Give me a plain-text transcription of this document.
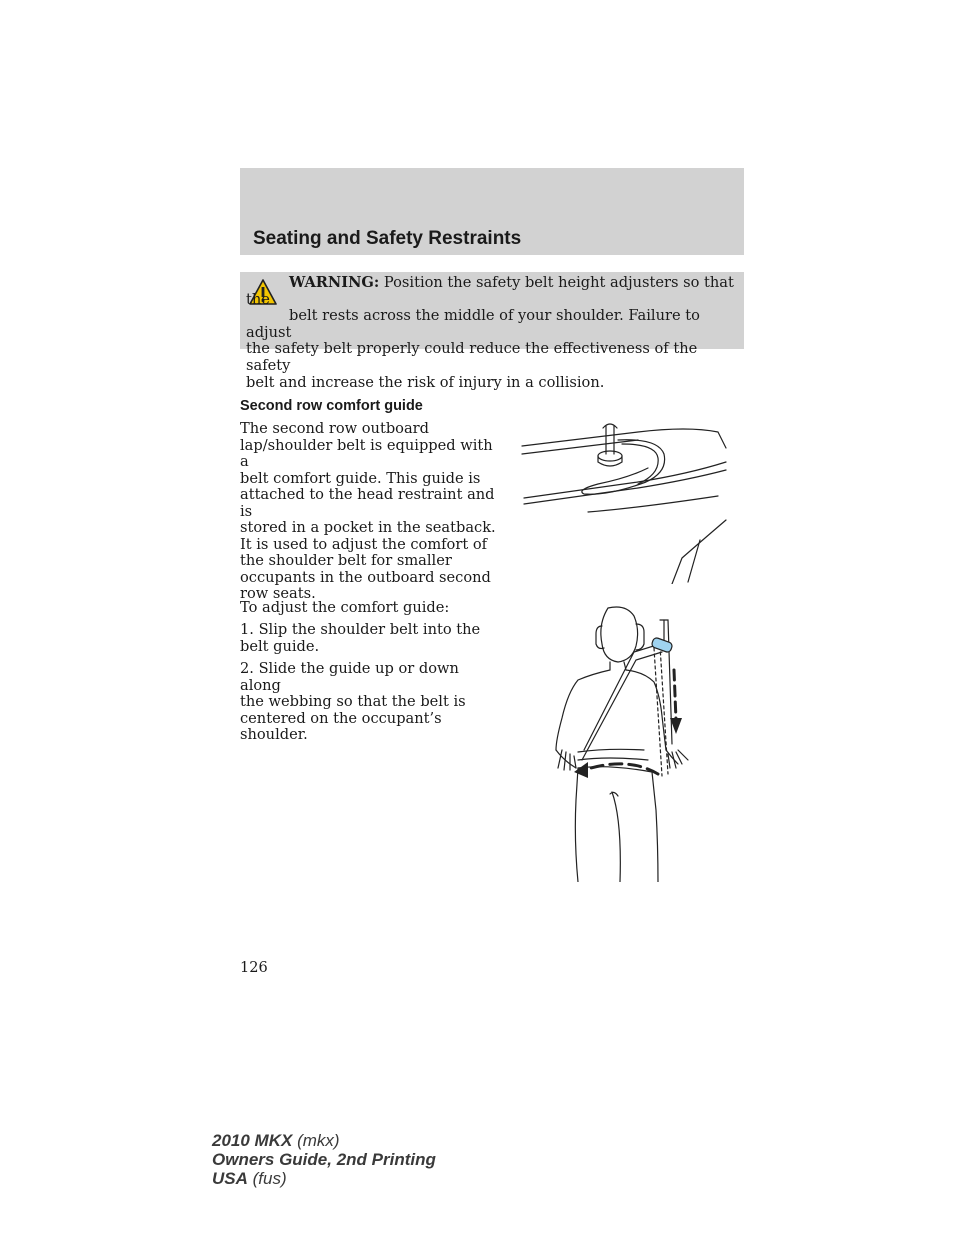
Seating and Safety Restraints

WARNING: Position the safety belt height adjusters so that the
belt rests across the middle of your shoulder. Failure to adjust
the safety belt properly could reduce the effectiveness of the safety
belt and increase the risk of injury in a collision.

Second row comfort guide

The second row outboard
lap/shoulder belt is equipped with a
belt comfort guide. This guide is
attached to the head restraint and is
stored in a pocket in the seatback.
It is used to adjust the comfort of
the shoulder belt for smaller
occupants in the outboard second
row seats.

To adjust the comfort guide:

1. Slip the shoulder belt into the
belt guide.

2. Slide the guide up or down along
the webbing so that the belt is
centered on the occupant’s shoulder.

126

2010 MKX (mkx)
Owners Guide, 2nd Printing
USA (fus)
